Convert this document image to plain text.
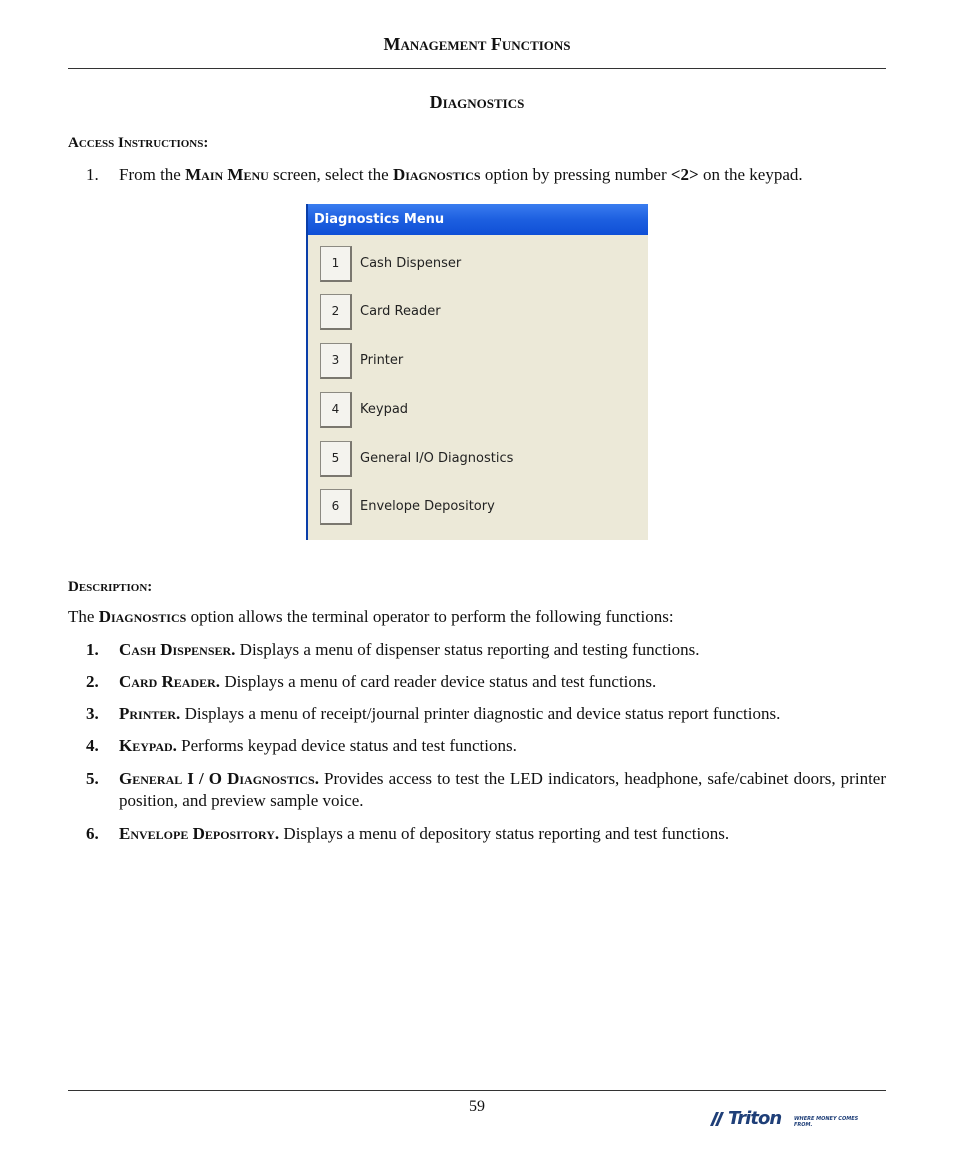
Management Functions
Diagnostics
Access Instructions:
1. From the Main Menu screen, select the Diagnostics option by pressing number <2> on the keypad.
Diagnostics Menu
1	Cash Dispenser
2	Card Reader
3	Printer
4	Keypad
5	General I/O Diagnostics
6	Envelope Depository
Description:
The Diagnostics option allows the terminal operator to perform the following functions:
1. Cash Dispenser. Displays a menu of dispenser status reporting and testing functions.
2. Card Reader. Displays a menu of card reader device status and test functions.
3. Printer. Displays a menu of receipt/journal printer diagnostic and device status report functions.
4. Keypad. Performs keypad device status and test functions.
5. General I / O Diagnostics. Provides access to test the LED indicators, headphone, safe/cabinet doors, printer position, and preview sample voice.
6. Envelope Depository. Displays a menu of depository status reporting and test functions.
59
Triton	WHERE MONEY COMES FROM.
